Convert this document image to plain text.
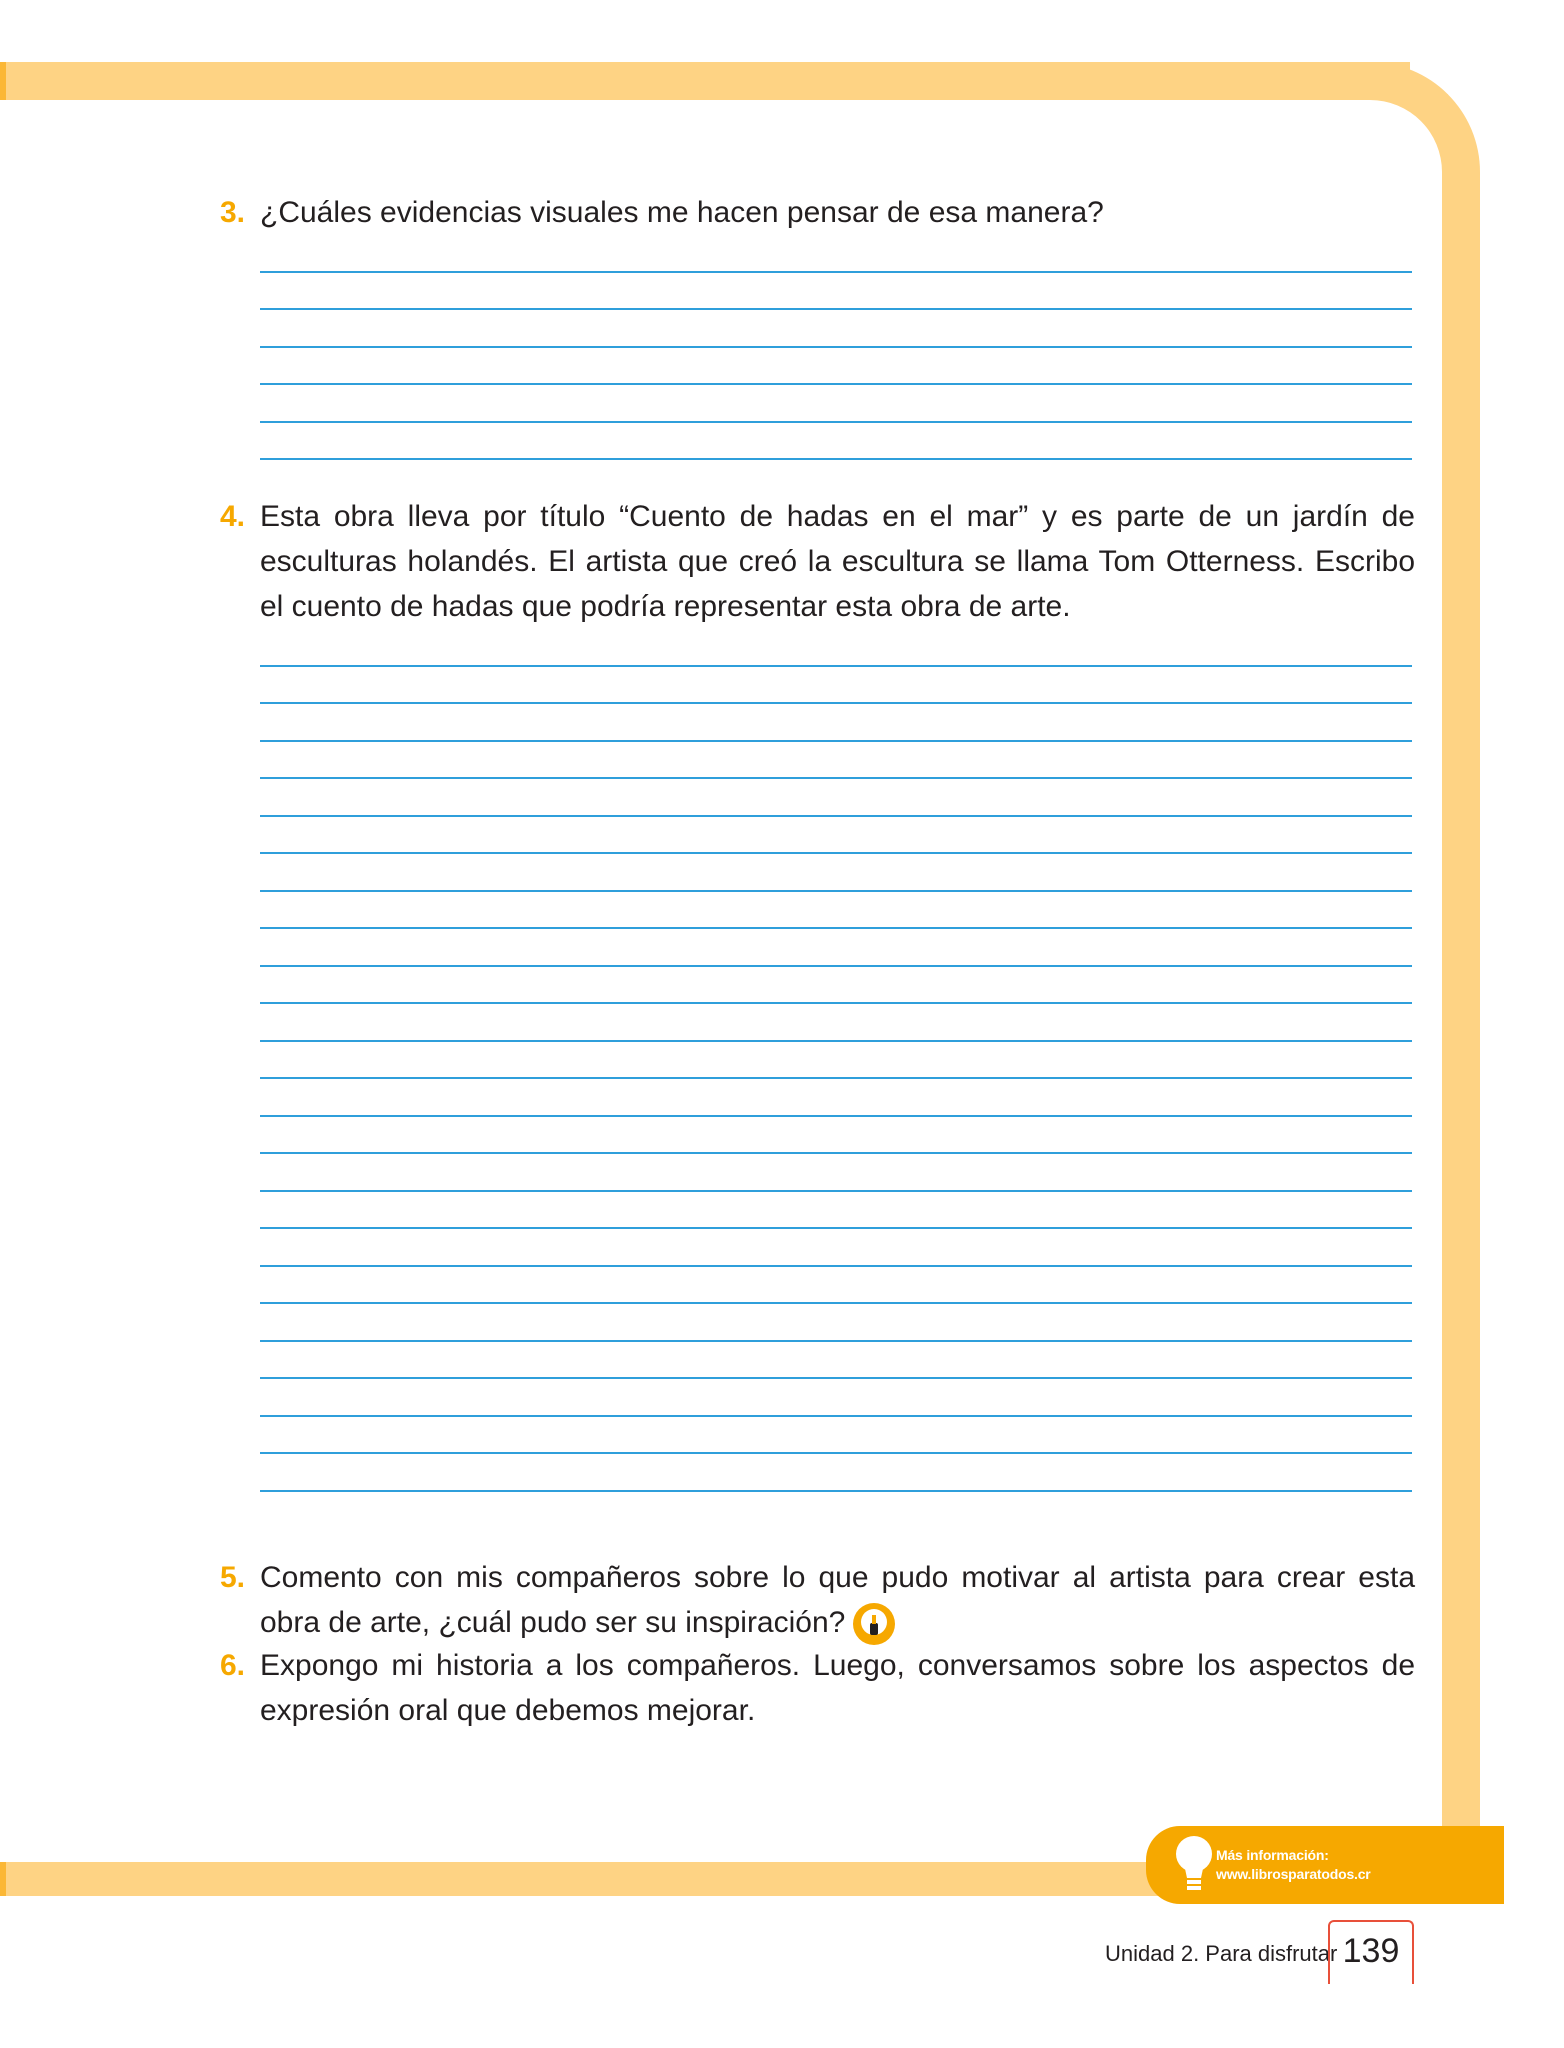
3. ¿Cuáles evidencias visuales me hacen pensar de esa manera?
4. Esta obra lleva por título “Cuento de hadas en el mar” y es parte de un jardín de esculturas holandés. El artista que creó la escultura se llama Tom Otterness. Escribo el cuento de hadas que podría representar esta obra de arte.
5. Comento con mis compañeros sobre lo que pudo motivar al artista para crear esta obra de arte, ¿cuál pudo ser su inspiración?
6. Expongo mi historia a los compañeros. Luego, conversamos sobre los aspectos de expresión oral que debemos mejorar.
Más información:
www.librosparatodos.cr
Unidad 2. Para disfrutar 139
